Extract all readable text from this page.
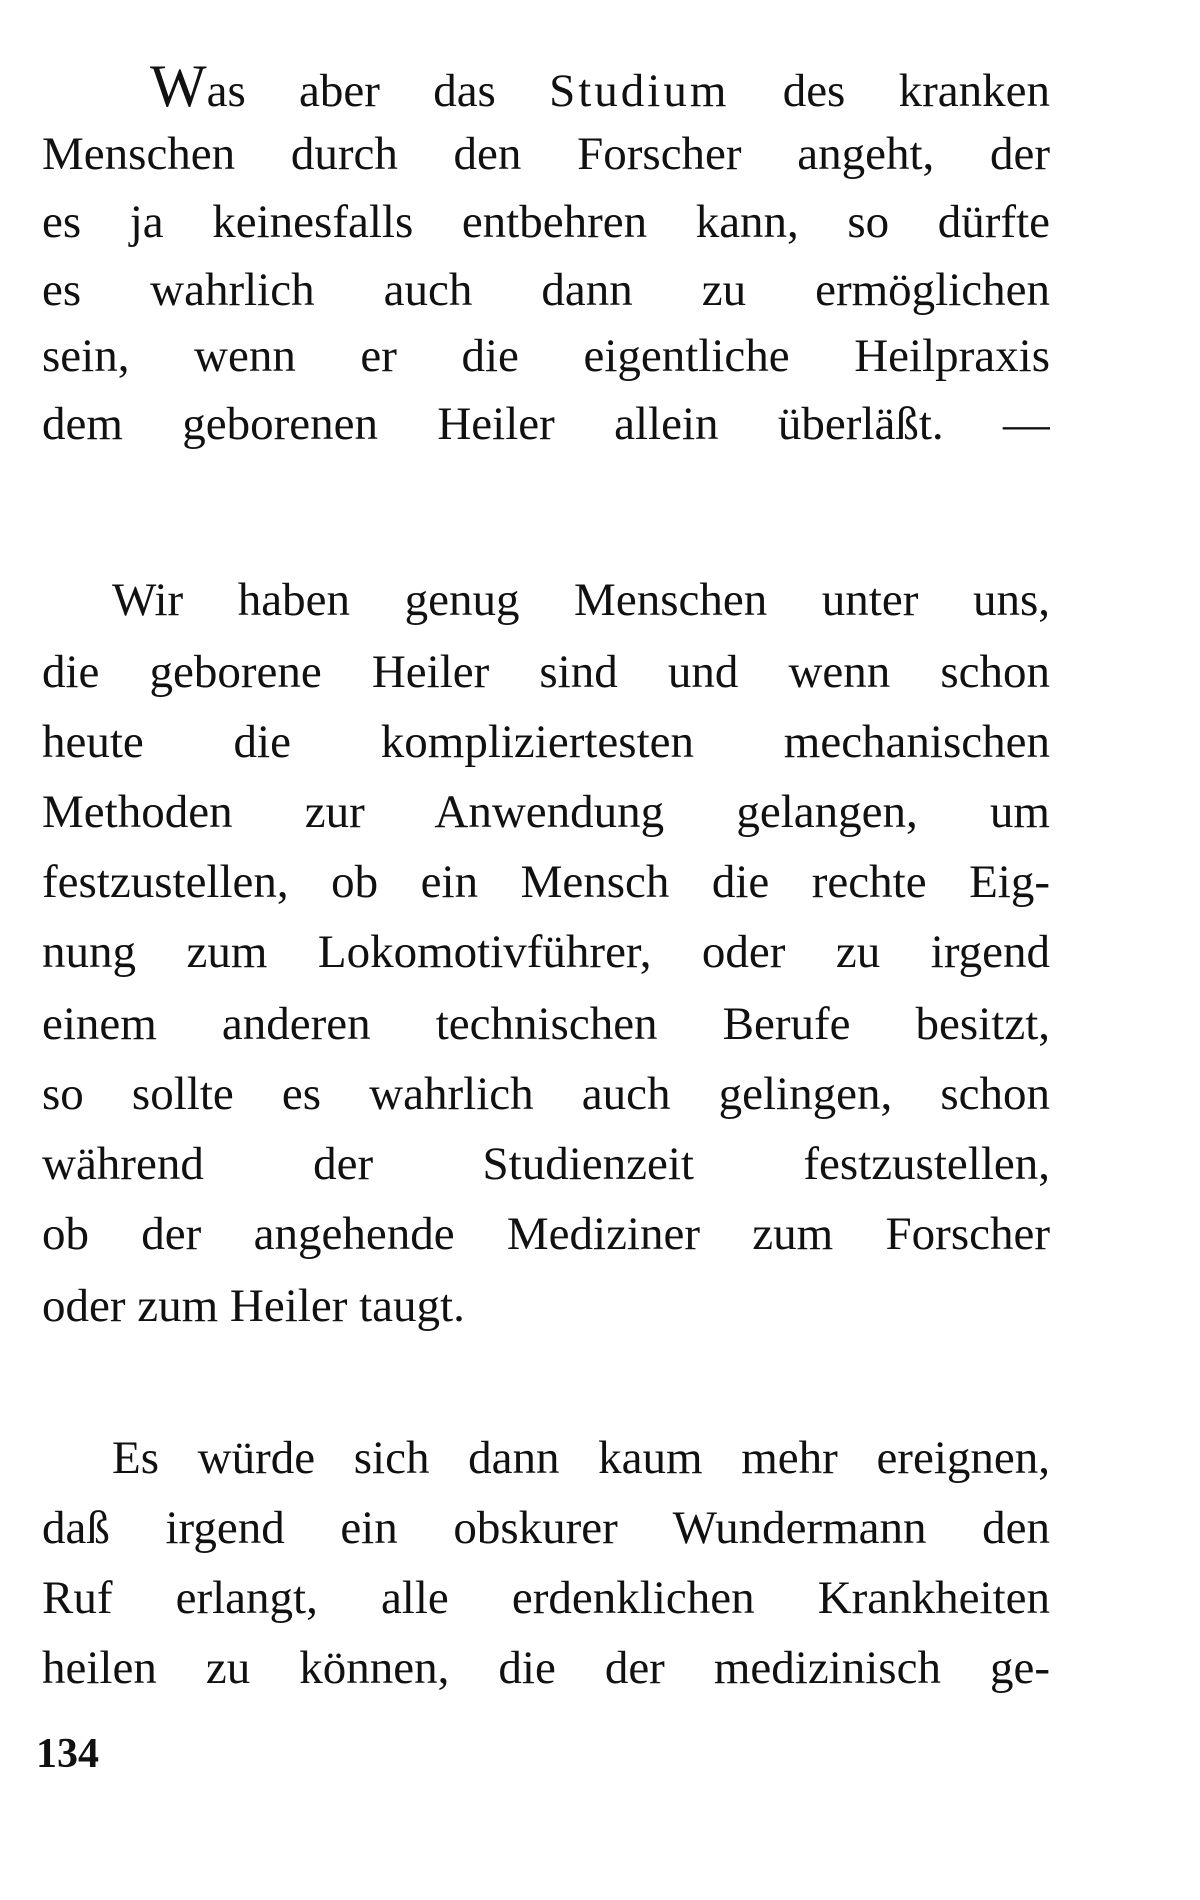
Was aber das Studium des kranken
Menschen durch den Forscher angeht, der
es ja keinesfalls entbehren kann, so dürfte
es wahrlich auch dann zu ermöglichen
sein, wenn er die eigentliche Heilpraxis
dem geborenen Heiler allein überläßt. —
Wir haben genug Menschen unter uns,
die geborene Heiler sind und wenn schon
heute die kompliziertesten mechanischen
Methoden zur Anwendung gelangen, um
festzustellen, ob ein Mensch die rechte Eig-
nung zum Lokomotivführer, oder zu irgend
einem anderen technischen Berufe besitzt,
so sollte es wahrlich auch gelingen, schon
während der Studienzeit festzustellen,
ob der angehende Mediziner zum Forscher
oder zum Heiler taugt.
Es würde sich dann kaum mehr ereignen,
daß irgend ein obskurer Wundermann den
Ruf erlangt, alle erdenklichen Krankheiten
heilen zu können, die der medizinisch ge-
134
